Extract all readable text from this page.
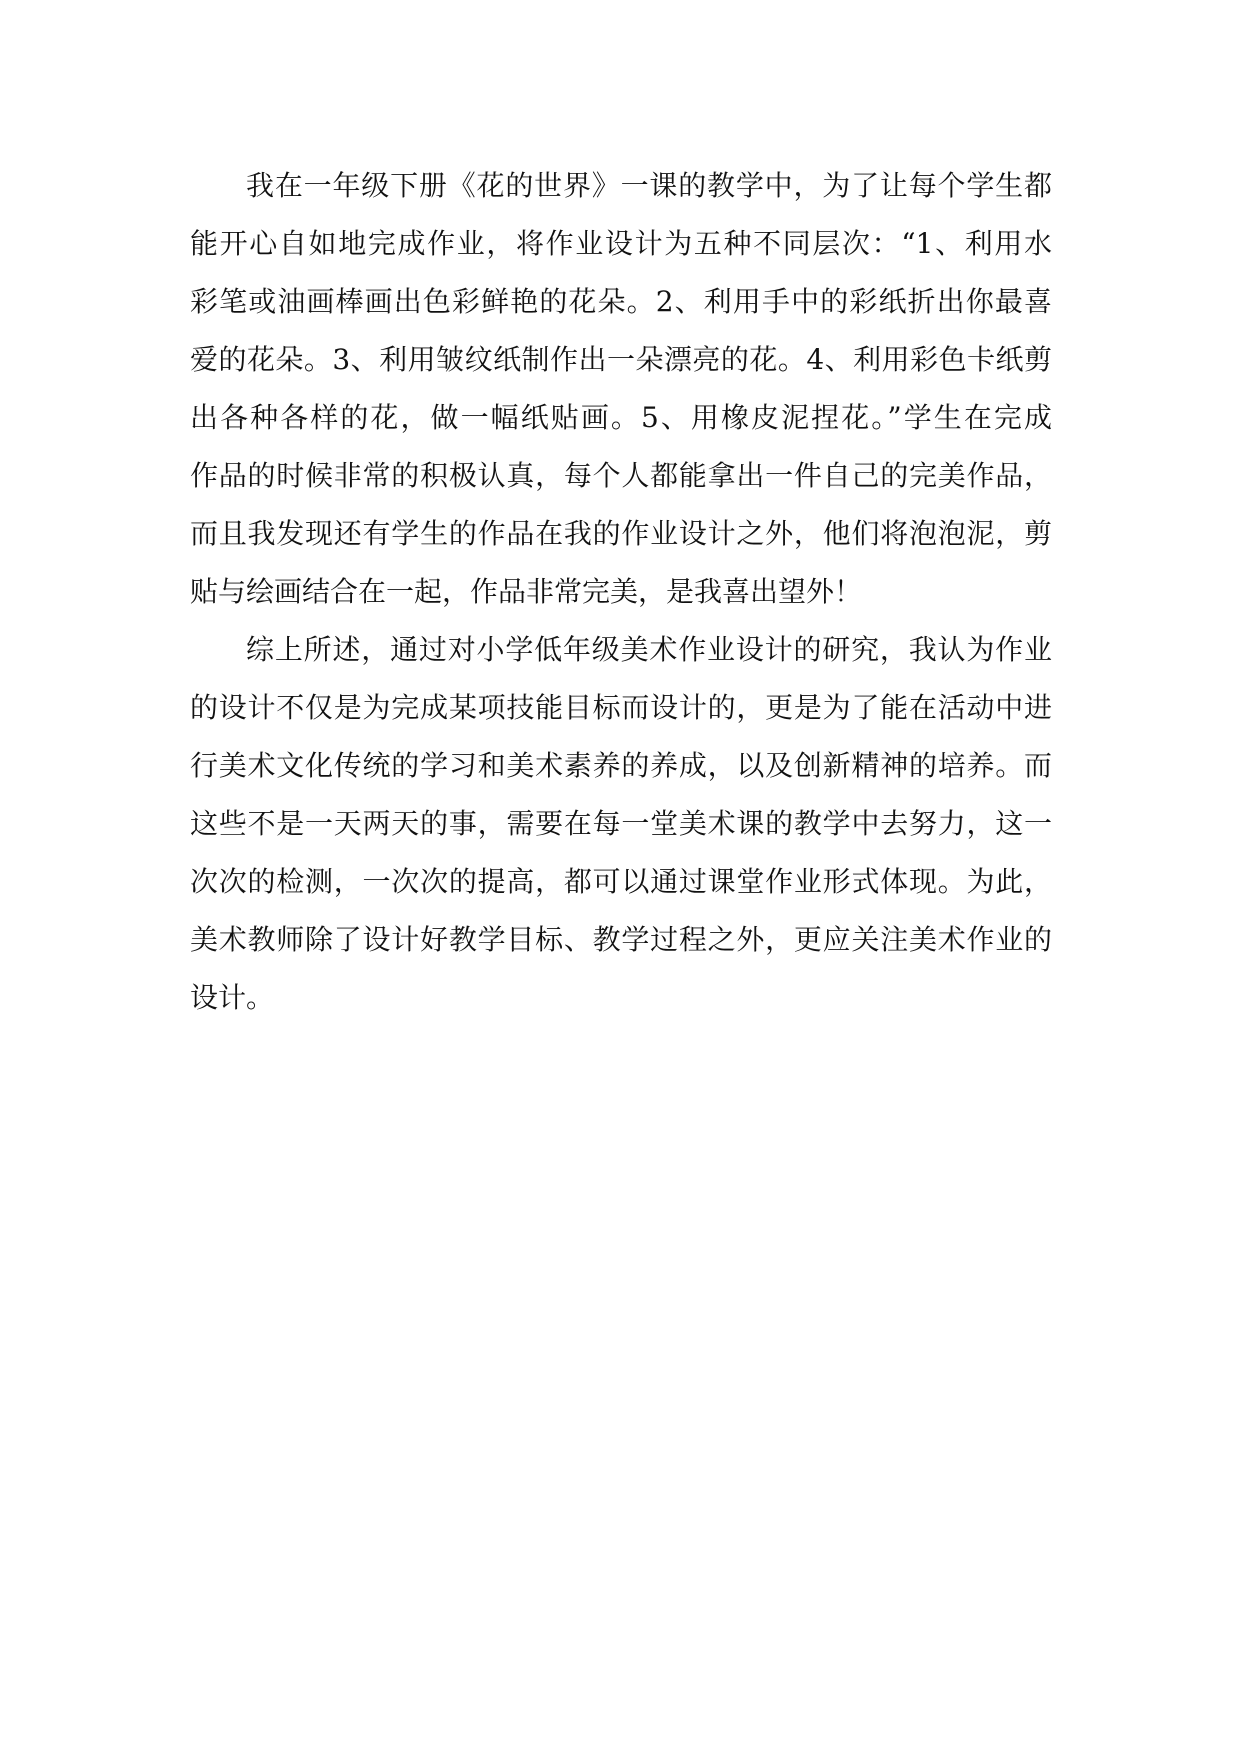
我在一年级下册《花的世界》一课的教学中，为了让每个学生都
能开心自如地完成作业，将作业设计为五种不同层次：“1、利用水
彩笔或油画棒画出色彩鲜艳的花朵。2、利用手中的彩纸折出你最喜
爱的花朵。3、利用皱纹纸制作出一朵漂亮的花。4、利用彩色卡纸剪
出各种各样的花，做一幅纸贴画。5、用橡皮泥捏花。”学生在完成
作品的时候非常的积极认真，每个人都能拿出一件自己的完美作品，
而且我发现还有学生的作品在我的作业设计之外，他们将泡泡泥，剪
贴与绘画结合在一起，作品非常完美，是我喜出望外！
综上所述，通过对小学低年级美术作业设计的研究，我认为作业
的设计不仅是为完成某项技能目标而设计的，更是为了能在活动中进
行美术文化传统的学习和美术素养的养成，以及创新精神的培养。而
这些不是一天两天的事，需要在每一堂美术课的教学中去努力，这一
次次的检测，一次次的提高，都可以通过课堂作业形式体现。为此，
美术教师除了设计好教学目标、教学过程之外，更应关注美术作业的
设计。
